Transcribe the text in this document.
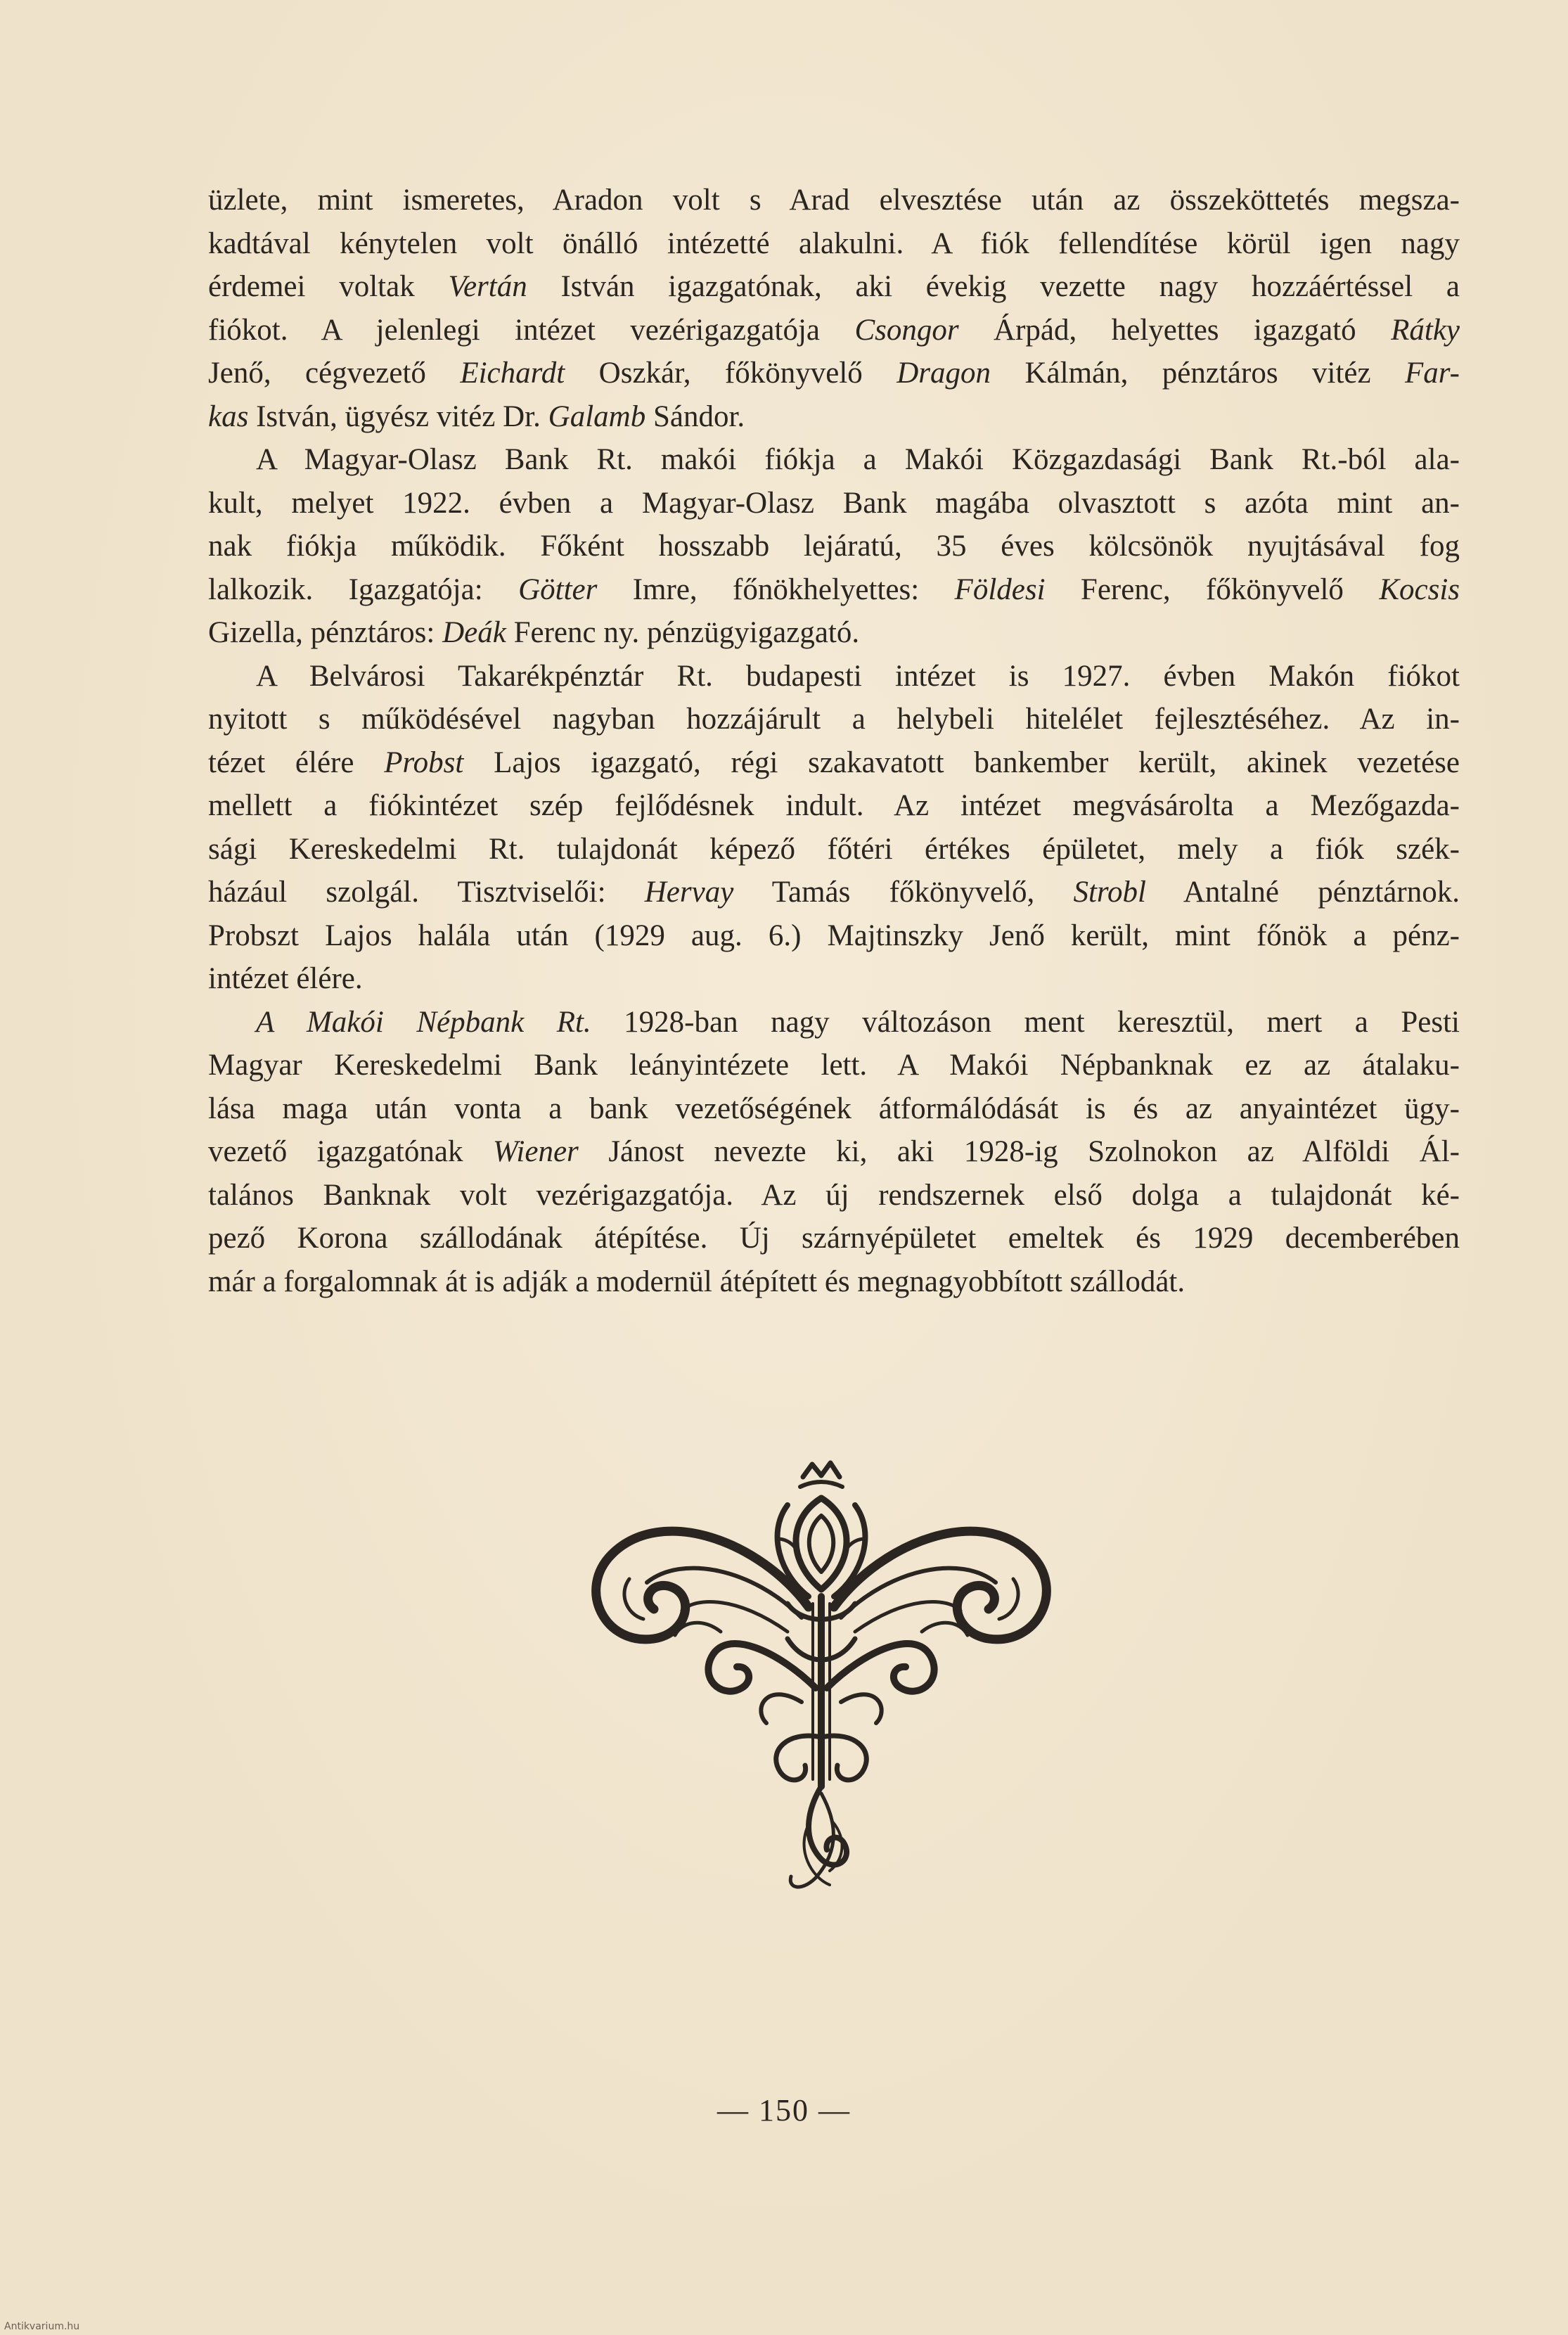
üzlete, mint ismeretes, Aradon volt s Arad elvesztése után az összeköttetés megsza-
kadtával kénytelen volt önálló intézetté alakulni. A fiók fellendítése körül igen nagy
érdemei voltak Vertán István igazgatónak, aki évekig vezette nagy hozzáértéssel a
fiókot. A jelenlegi intézet vezérigazgatója Csongor Árpád, helyettes igazgató Rátky
Jenő, cégvezető Eichardt Oszkár, főkönyvelő Dragon Kálmán, pénztáros vitéz Far-
kas István, ügyész vitéz Dr. Galamb Sándor.
A Magyar-Olasz Bank Rt. makói fiókja a Makói Közgazdasági Bank Rt.-ból ala-
kult, melyet 1922. évben a Magyar-Olasz Bank magába olvasztott s azóta mint an-
nak fiókja működik. Főként hosszabb lejáratú, 35 éves kölcsönök nyujtásával fog
lalkozik. Igazgatója: Götter Imre, főnökhelyettes: Földesi Ferenc, főkönyvelő Kocsis
Gizella, pénztáros: Deák Ferenc ny. pénzügyigazgató.
A Belvárosi Takarékpénztár Rt. budapesti intézet is 1927. évben Makón fiókot
nyitott s működésével nagyban hozzájárult a helybeli hitelélet fejlesztéséhez. Az in-
tézet élére Probst Lajos igazgató, régi szakavatott bankember került, akinek vezetése
mellett a fiókintézet szép fejlődésnek indult. Az intézet megvásárolta a Mezőgazda-
sági Kereskedelmi Rt. tulajdonát képező főtéri értékes épületet, mely a fiók szék-
házául szolgál. Tisztviselői: Hervay Tamás főkönyvelő, Strobl Antalné pénztárnok.
Probszt Lajos halála után (1929 aug. 6.) Majtinszky Jenő került, mint főnök a pénz-
intézet élére.
A Makói Népbank Rt. 1928-ban nagy változáson ment keresztül, mert a Pesti
Magyar Kereskedelmi Bank leányintézete lett. A Makói Népbanknak ez az átalaku-
lása maga után vonta a bank vezetőségének átformálódását is és az anyaintézet ügy-
vezető igazgatónak Wiener Jánost nevezte ki, aki 1928-ig Szolnokon az Alföldi Ál-
talános Banknak volt vezérigazgatója. Az új rendszernek első dolga a tulajdonát ké-
pező Korona szállodának átépítése. Új szárnyépületet emeltek és 1929 decemberében
már a forgalomnak át is adják a modernül átépített és megnagyobbított szállodát.
— 150 —
Antikvarium.hu
